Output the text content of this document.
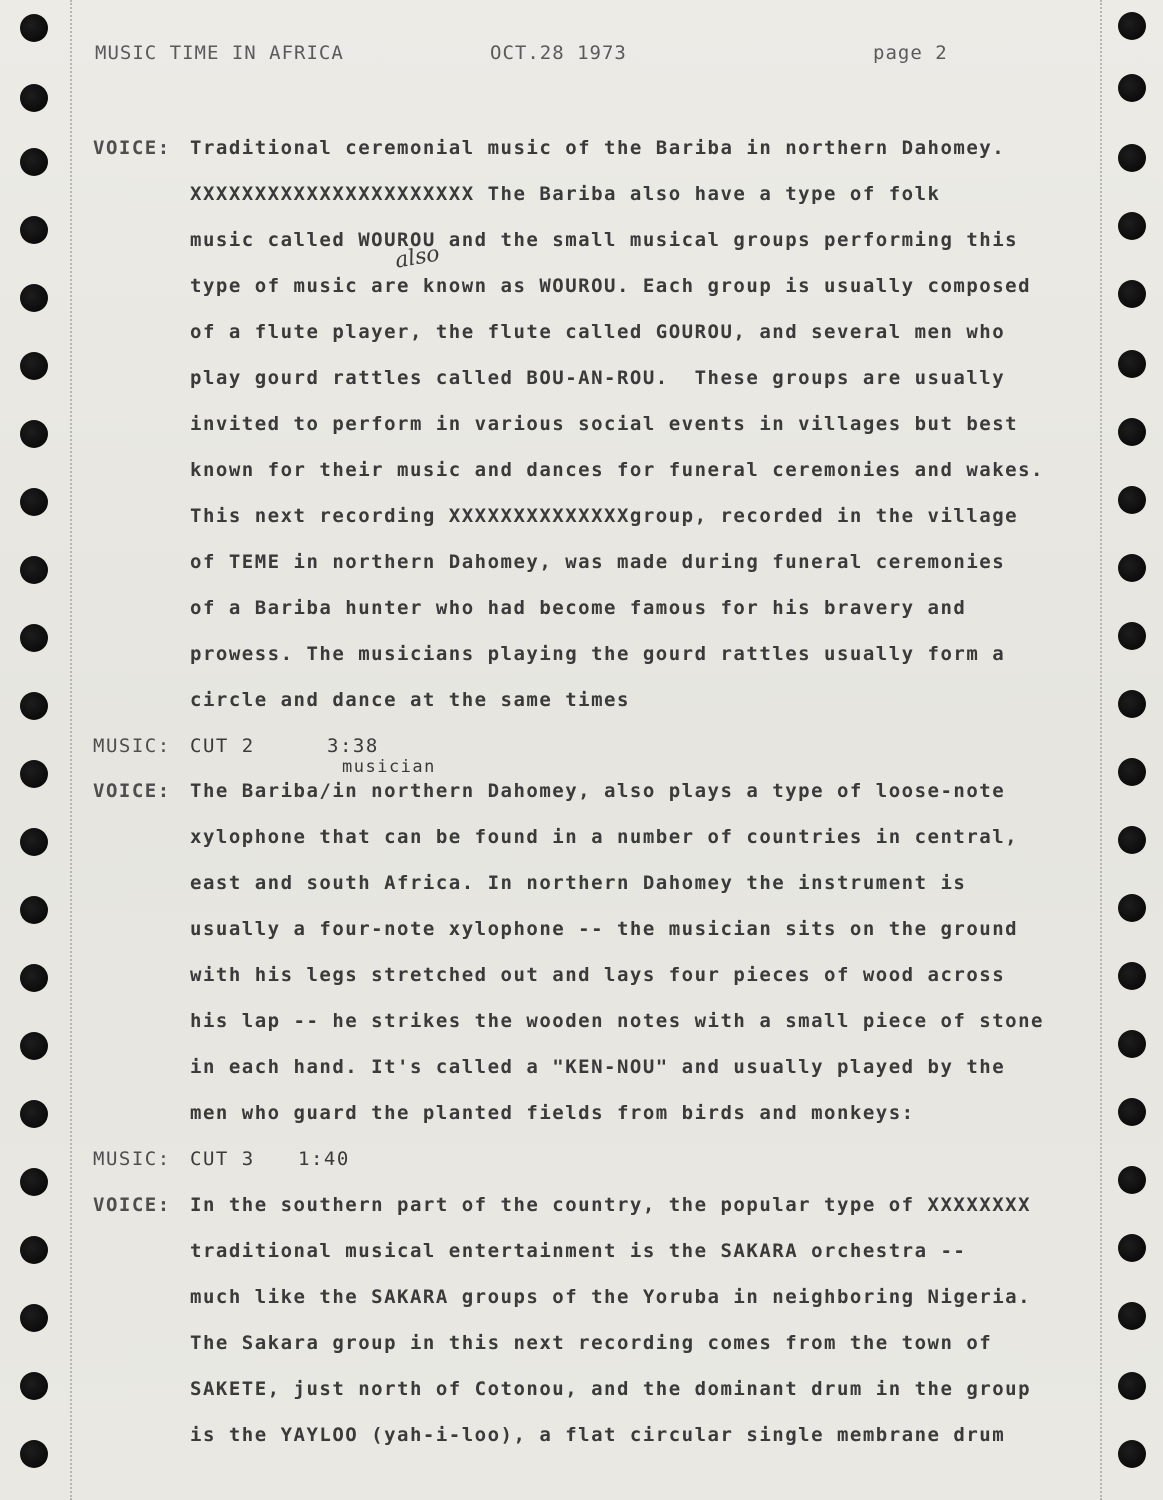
MUSIC TIME IN AFRICA	OCT.28 1973	page 2
VOICE: Traditional ceremonial music of the Bariba in northern Dahomey.
XXXXXXXXXXXXXXXXXXXXXX The Bariba also have a type of folk
music called WOUROU and the small musical groups performing this
also
type of music are known as WOUROU. Each group is usually composed
of a flute player, the flute called GOUROU, and several men who
play gourd rattles called BOU-AN-ROU.  These groups are usually
invited to perform in various social events in villages but best
known for their music and dances for funeral ceremonies and wakes.
This next recording XXXXXXXXXXXXXXgroup, recorded in the village
of TEME in northern Dahomey, was made during funeral ceremonies
of a Bariba hunter who had become famous for his bravery and
prowess. The musicians playing the gourd rattles usually form a
circle and dance at the same times
MUSIC: CUT 2	3:38
musician
VOICE: The Bariba/in northern Dahomey, also plays a type of loose-note
xylophone that can be found in a number of countries in central,
east and south Africa. In northern Dahomey the instrument is
usually a four-note xylophone -- the musician sits on the ground
with his legs stretched out and lays four pieces of wood across
his lap -- he strikes the wooden notes with a small piece of stone
in each hand. It's called a "KEN-NOU" and usually played by the
men who guard the planted fields from birds and monkeys:
MUSIC: CUT 3 1:40
VOICE: In the southern part of the country, the popular type of XXXXXXXX
traditional musical entertainment is the SAKARA orchestra --
much like the SAKARA groups of the Yoruba in neighboring Nigeria.
The Sakara group in this next recording comes from the town of
SAKETE, just north of Cotonou, and the dominant drum in the group
is the YAYLOO (yah-i-loo), a flat circular single membrane drum
